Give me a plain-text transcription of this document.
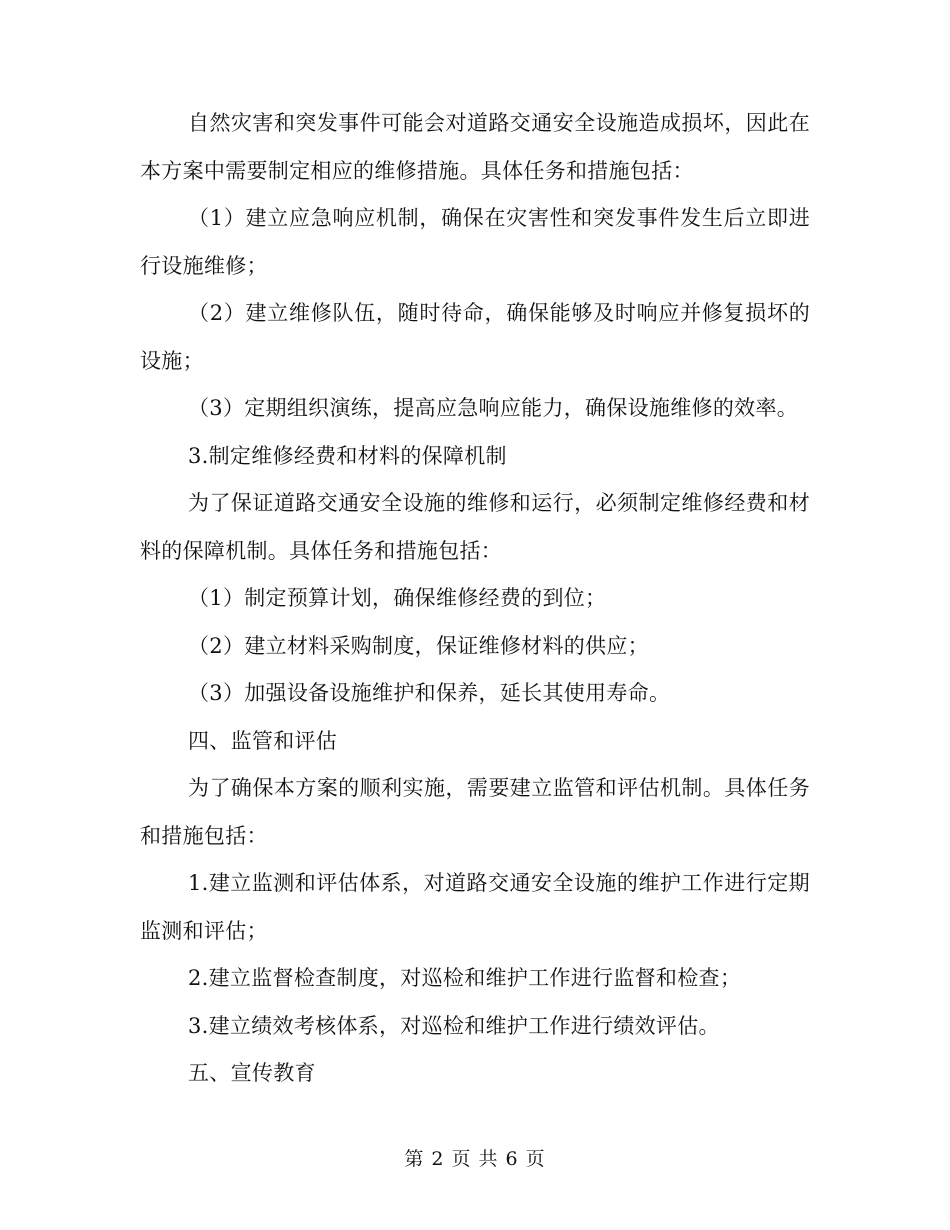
自然灾害和突发事件可能会对道路交通安全设施造成损坏，因此在本方案中需要制定相应的维修措施。具体任务和措施包括：

（1）建立应急响应机制，确保在灾害性和突发事件发生后立即进行设施维修；

（2）建立维修队伍，随时待命，确保能够及时响应并修复损坏的设施；

（3）定期组织演练，提高应急响应能力，确保设施维修的效率。

3.制定维修经费和材料的保障机制

为了保证道路交通安全设施的维修和运行，必须制定维修经费和材料的保障机制。具体任务和措施包括：

（1）制定预算计划，确保维修经费的到位；

（2）建立材料采购制度，保证维修材料的供应；

（3）加强设备设施维护和保养，延长其使用寿命。

四、监管和评估

为了确保本方案的顺利实施，需要建立监管和评估机制。具体任务和措施包括：

1.建立监测和评估体系，对道路交通安全设施的维护工作进行定期监测和评估；

2.建立监督检查制度，对巡检和维护工作进行监督和检查；

3.建立绩效考核体系，对巡检和维护工作进行绩效评估。

五、宣传教育

第 2 页 共 6 页
